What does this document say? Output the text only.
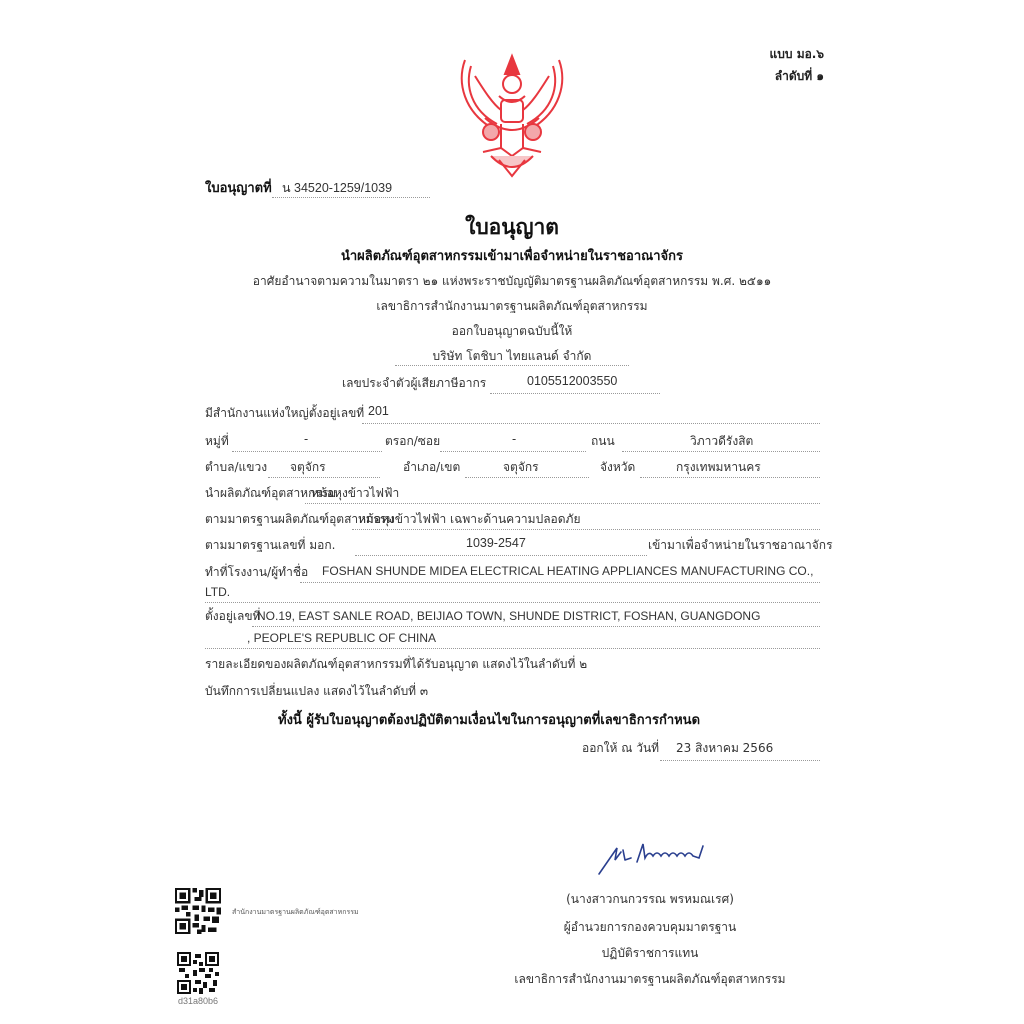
แบบ มอ.๖
ลำดับที่ ๑
ใบอนุญาตที่ น 34520-1259/1039
ใบอนุญาต
นำผลิตภัณฑ์อุตสาหกรรมเข้ามาเพื่อจำหน่ายในราชอาณาจักร
อาศัยอำนาจตามความในมาตรา ๒๑ แห่งพระราชบัญญัติมาตรฐานผลิตภัณฑ์อุตสาหกรรม พ.ศ. ๒๕๑๑
เลขาธิการสำนักงานมาตรฐานผลิตภัณฑ์อุตสาหกรรม
ออกใบอนุญาตฉบับนี้ให้
บริษัท โตชิบา ไทยแลนด์ จำกัด
เลขประจำตัวผู้เสียภาษีอากร	0105512003550
มีสำนักงานแห่งใหญ่ตั้งอยู่เลขที่ 201
หมู่ที่	-	ตรอก/ซอย	-	ถนน	วิภาวดีรังสิต
ตำบล/แขวง จตุจักร	อำเภอ/เขต	จตุจักร	จังหวัด	กรุงเทพมหานคร
นำผลิตภัณฑ์อุตสาหกรรม
หม้อหุงข้าวไฟฟ้า
ตามมาตรฐานผลิตภัณฑ์อุตสาหกรรม
หม้อหุงข้าวไฟฟ้า เฉพาะด้านความปลอดภัย
ตามมาตรฐานเลขที่ มอก.	1039-2547	เข้ามาเพื่อจำหน่ายในราชอาณาจักร
ทำที่โรงงาน/ผู้ทำชื่อ FOSHAN SHUNDE MIDEA ELECTRICAL HEATING APPLIANCES MANUFACTURING CO.,
LTD.
ตั้งอยู่เลขที่
NO.19, EAST SANLE ROAD, BEIJIAO TOWN, SHUNDE DISTRICT, FOSHAN, GUANGDONG
, PEOPLE'S REPUBLIC OF CHINA
รายละเอียดของผลิตภัณฑ์อุตสาหกรรมที่ได้รับอนุญาต แสดงไว้ในลำดับที่ ๒
บันทึกการเปลี่ยนแปลง แสดงไว้ในลำดับที่ ๓
ทั้งนี้ ผู้รับใบอนุญาตต้องปฏิบัติตามเงื่อนไขในการอนุญาตที่เลขาธิการกำหนด
ออกให้ ณ วันที่ 23 สิงหาคม 2566
(นางสาวกนกวรรณ พรหมณเรศ)
ผู้อำนวยการกองควบคุมมาตรฐาน
ปฏิบัติราชการแทน
เลขาธิการสำนักงานมาตรฐานผลิตภัณฑ์อุตสาหกรรม
สำนักงานมาตรฐานผลิตภัณฑ์อุตสาหกรรม
d31a80b6
